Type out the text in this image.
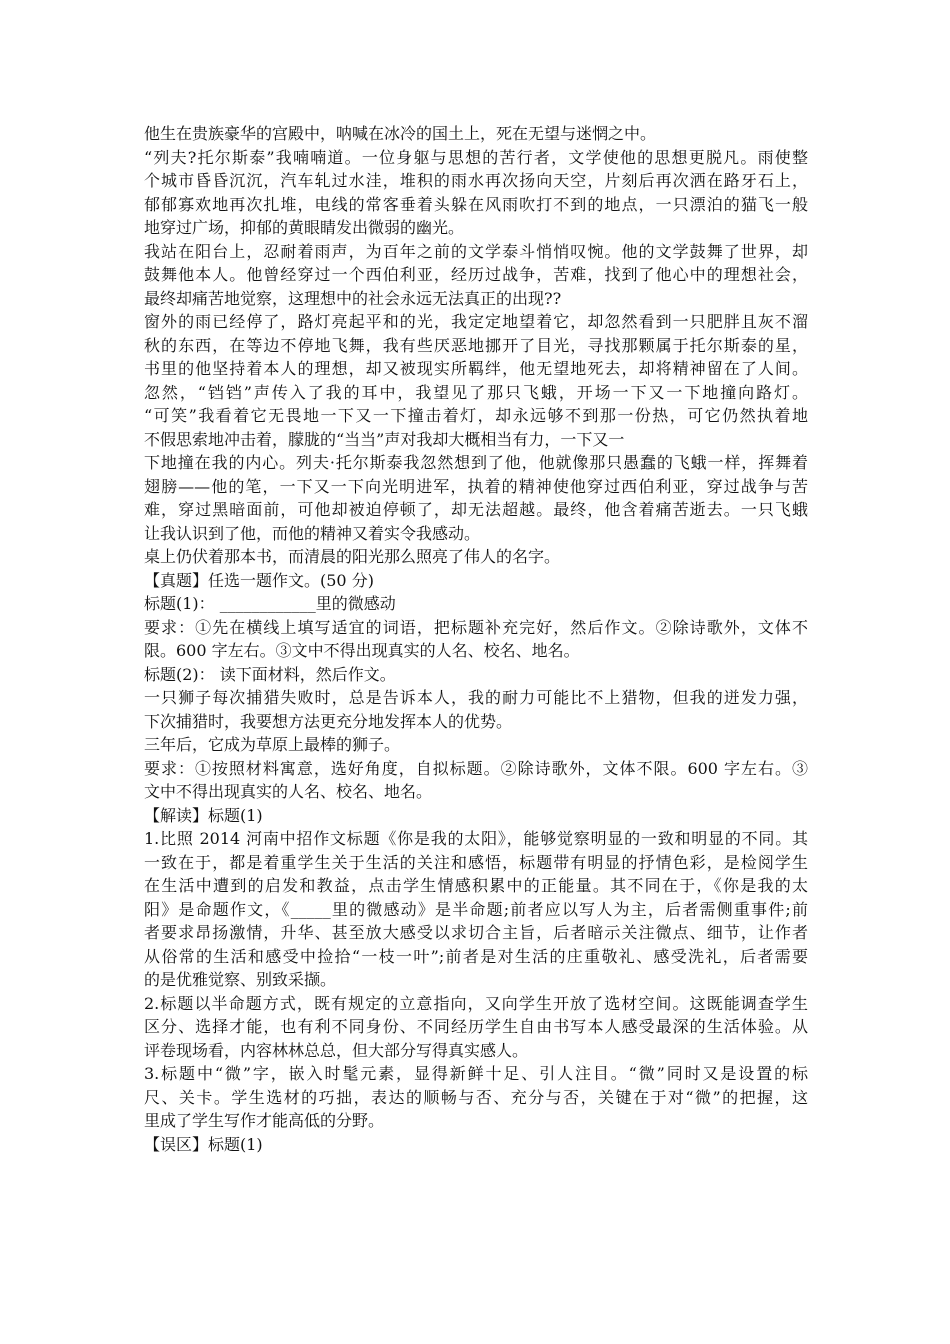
他生在贵族豪华的宫殿中，呐喊在冰冷的国土上，死在无望与迷惘之中。
“列夫?托尔斯泰”我喃喃道。一位身躯与思想的苦行者，文学使他的思想更脱凡。雨使整
个城市昏昏沉沉，汽车轧过水洼，堆积的雨水再次扬向天空，片刻后再次洒在路牙石上，
郁郁寡欢地再次扎堆，电线的常客垂着头躲在风雨吹打不到的地点，一只漂泊的猫飞一般
地穿过广场，抑郁的黄眼睛发出微弱的幽光。
我站在阳台上，忍耐着雨声，为百年之前的文学泰斗悄悄叹惋。他的文学鼓舞了世界，却
鼓舞他本人。他曾经穿过一个西伯利亚，经历过战争，苦难，找到了他心中的理想社会，
最终却痛苦地觉察，这理想中的社会永远无法真正的出现??
窗外的雨已经停了，路灯亮起平和的光，我定定地望着它，却忽然看到一只肥胖且灰不溜
秋的东西，在等边不停地飞舞，我有些厌恶地挪开了目光，寻找那颗属于托尔斯泰的星，
书里的他坚持着本人的理想，却又被现实所羁绊，他无望地死去，却将精神留在了人间。
忽然，“铛铛”声传入了我的耳中，我望见了那只飞蛾，开场一下又一下地撞向路灯。
“可笑”我看着它无畏地一下又一下撞击着灯，却永远够不到那一份热，可它仍然执着地
不假思索地冲击着，朦胧的“当当”声对我却大概相当有力，一下又一
下地撞在我的内心。列夫·托尔斯泰我忽然想到了他，他就像那只愚蠢的飞蛾一样，挥舞着
翅膀——他的笔，一下又一下向光明进军，执着的精神使他穿过西伯利亚，穿过战争与苦
难，穿过黑暗面前，可他却被迫停顿了，却无法超越。最终，他含着痛苦逝去。一只飞蛾
让我认识到了他，而他的精神又着实令我感动。
桌上仍伏着那本书，而清晨的阳光那么照亮了伟人的名字。
【真题】任选一题作文。(50 分)
标题(1)： ____________里的微感动
要求：①先在横线上填写适宜的词语，把标题补充完好，然后作文。②除诗歌外，文体不
限。600 字左右。③文中不得出现真实的人名、校名、地名。
标题(2)： 读下面材料，然后作文。
一只狮子每次捕猎失败时，总是告诉本人，我的耐力可能比不上猎物，但我的迸发力强，
下次捕猎时，我要想方法更充分地发挥本人的优势。
三年后，它成为草原上最棒的狮子。
要求：①按照材料寓意，选好角度，自拟标题。②除诗歌外，文体不限。600 字左右。③
文中不得出现真实的人名、校名、地名。
【解读】标题(1)
1.比照 2014 河南中招作文标题《你是我的太阳》，能够觉察明显的一致和明显的不同。其
一致在于，都是着重学生关于生活的关注和感悟，标题带有明显的抒情色彩，是检阅学生
在生活中遭到的启发和教益，点击学生情感积累中的正能量。其不同在于，《你是我的太
阳》是命题作文，《_____里的微感动》是半命题;前者应以写人为主，后者需侧重事件;前
者要求昂扬激情，升华、甚至放大感受以求切合主旨，后者暗示关注微点、细节，让作者
从俗常的生活和感受中捡拾“一枝一叶”;前者是对生活的庄重敬礼、感受洗礼，后者需要
的是优雅觉察、别致采撷。
2.标题以半命题方式，既有规定的立意指向，又向学生开放了选材空间。这既能调查学生
区分、选择才能，也有利不同身份、不同经历学生自由书写本人感受最深的生活体验。从
评卷现场看，内容林林总总，但大部分写得真实感人。
3.标题中“微”字，嵌入时髦元素，显得新鲜十足、引人注目。“微”同时又是设置的标
尺、关卡。学生选材的巧拙，表达的顺畅与否、充分与否，关键在于对“微”的把握，这
里成了学生写作才能高低的分野。
【误区】标题(1)
